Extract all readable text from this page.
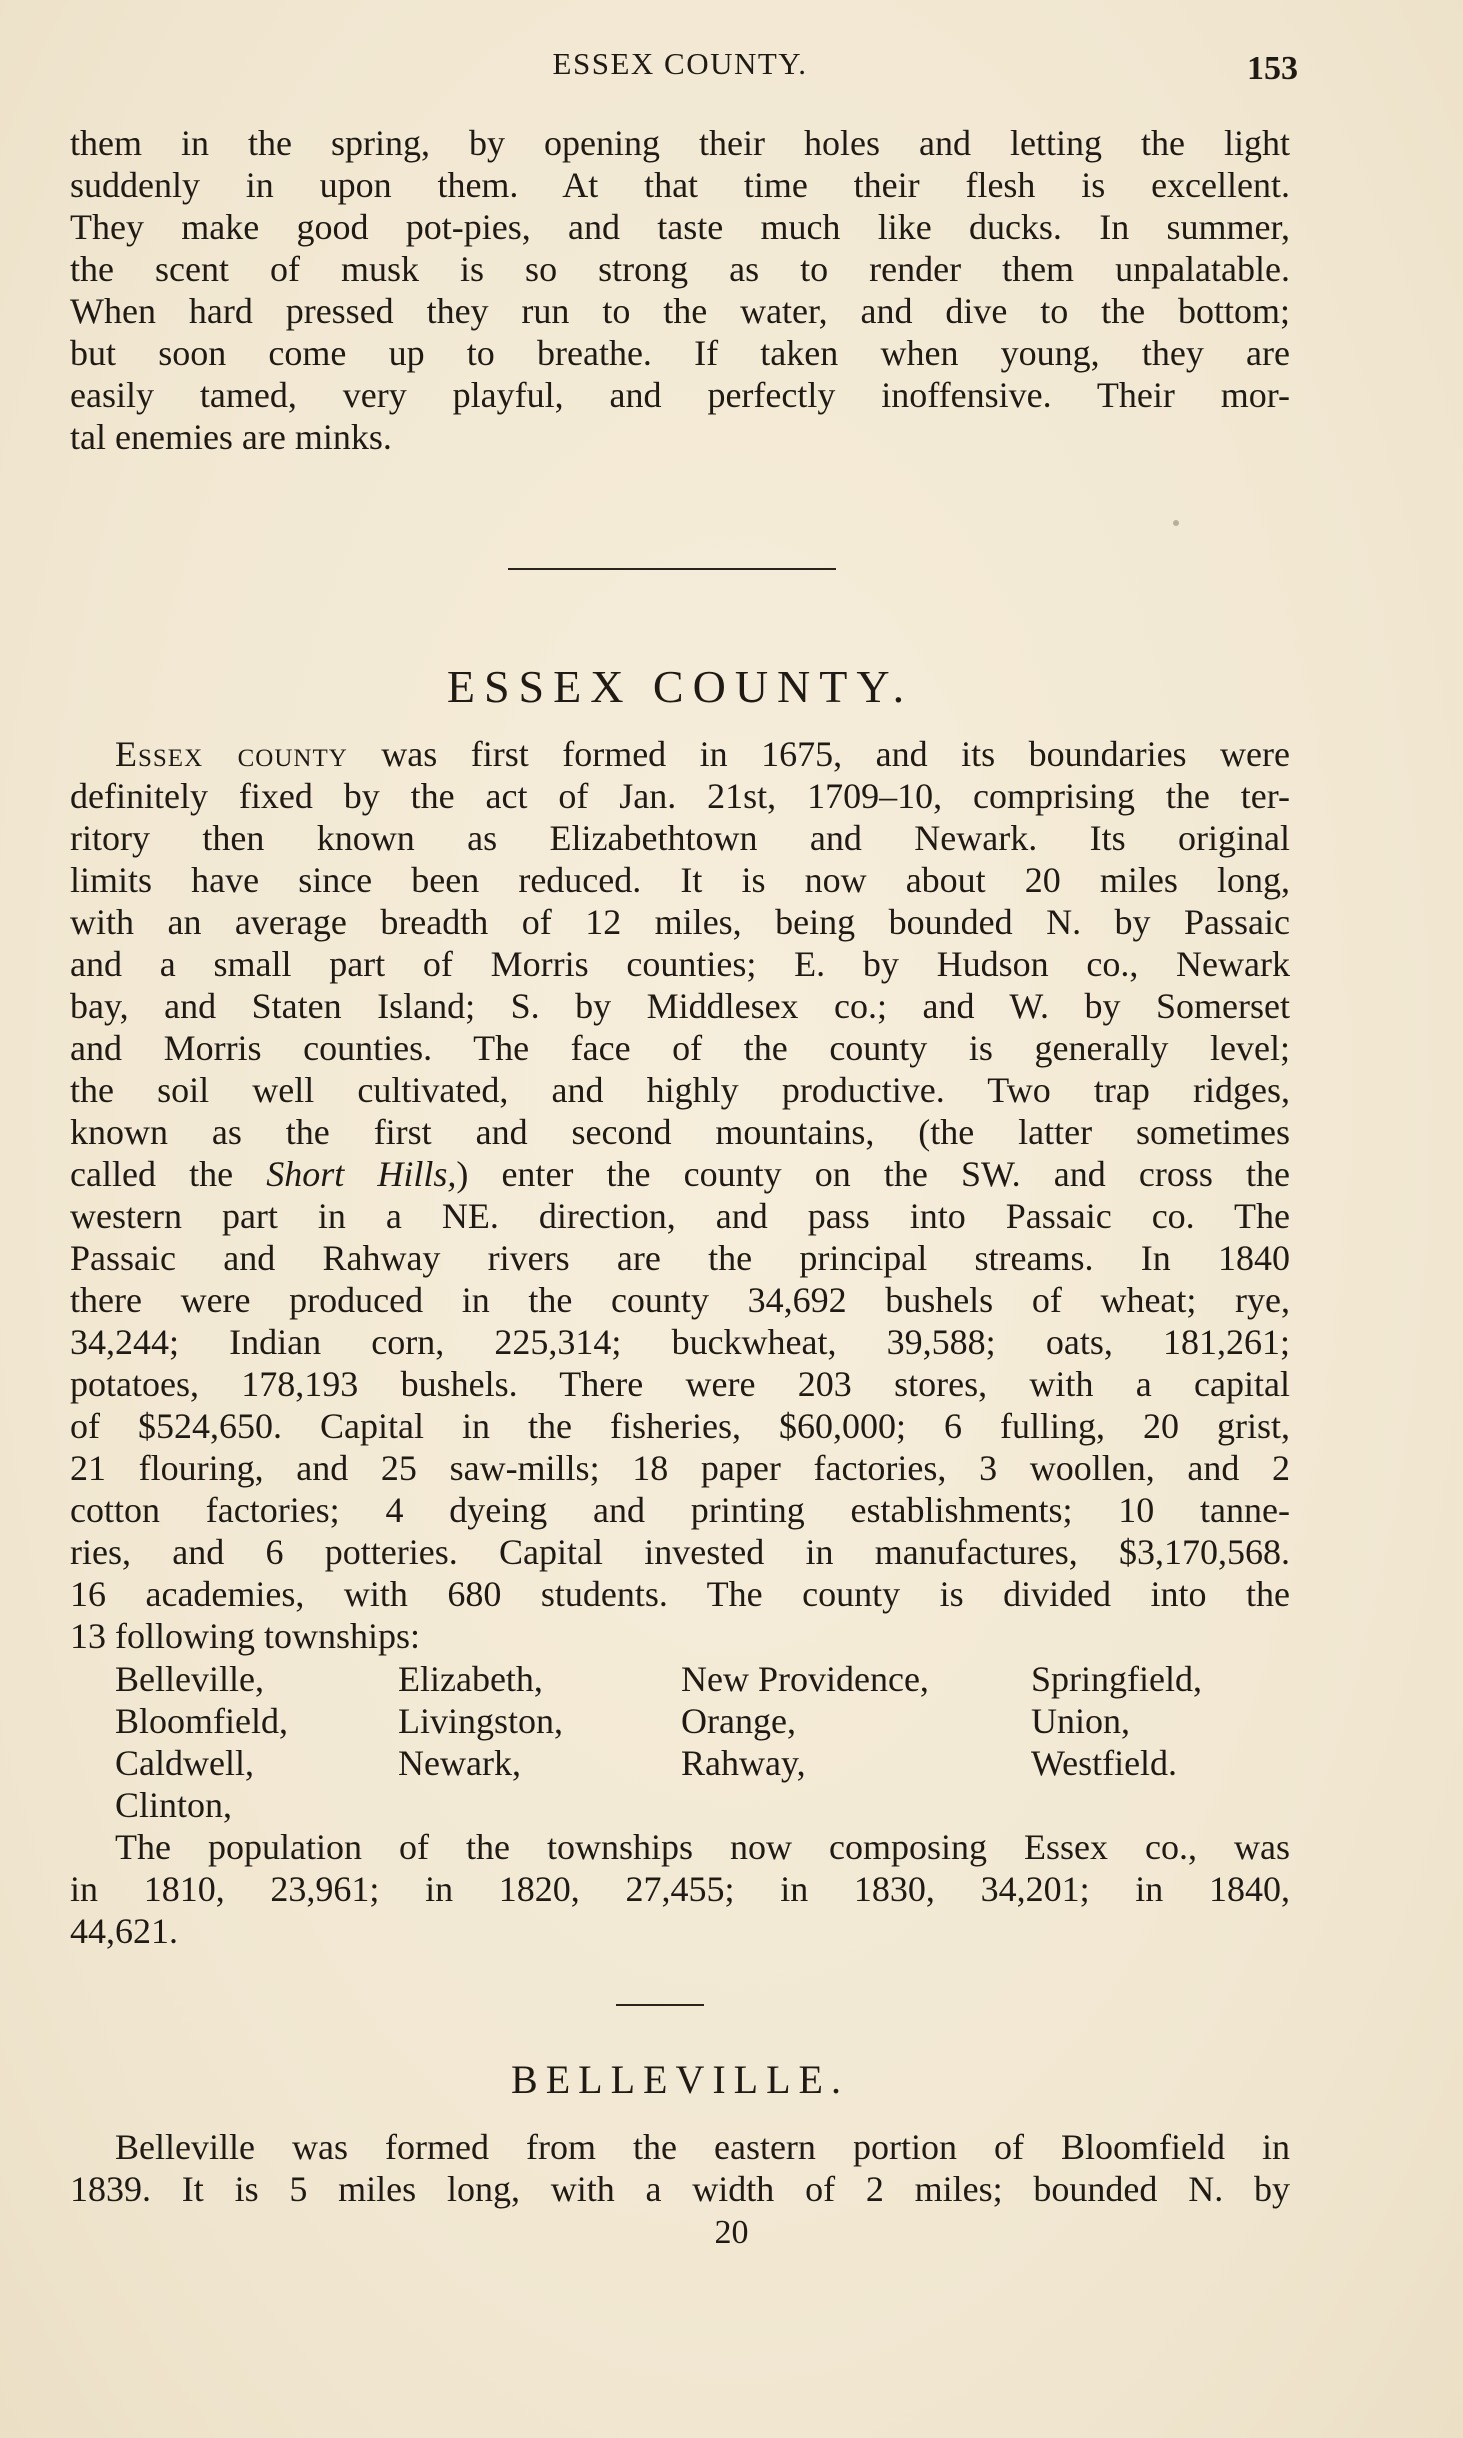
ESSEX COUNTY.	153

them in the spring, by opening their holes and letting the light

suddenly in upon them. At that time their flesh is excellent.

They make good pot-pies, and taste much like ducks. In summer,

the scent of musk is so strong as to render them unpalatable.

When hard pressed they run to the water, and dive to the bottom;

but soon come up to breathe. If taken when young, they are

easily tamed, very playful, and perfectly inoffensive. Their mor-

tal enemies are minks.

ESSEX COUNTY.

Essex county was first formed in 1675, and its boundaries were

definitely fixed by the act of Jan. 21st, 1709–10, comprising the ter-

ritory then known as Elizabethtown and Newark. Its original

limits have since been reduced. It is now about 20 miles long,

with an average breadth of 12 miles, being bounded N. by Passaic

and a small part of Morris counties; E. by Hudson co., Newark

bay, and Staten Island; S. by Middlesex co.; and W. by Somerset

and Morris counties. The face of the county is generally level;

the soil well cultivated, and highly productive. Two trap ridges,

known as the first and second mountains, (the latter sometimes

called the Short Hills,) enter the county on the SW. and cross the

western part in a NE. direction, and pass into Passaic co. The

Passaic and Rahway rivers are the principal streams. In 1840

there were produced in the county 34,692 bushels of wheat; rye,

34,244; Indian corn, 225,314; buckwheat, 39,588; oats, 181,261;

potatoes, 178,193 bushels. There were 203 stores, with a capital

of $524,650. Capital in the fisheries, $60,000; 6 fulling, 20 grist,

21 flouring, and 25 saw-mills; 18 paper factories, 3 woollen, and 2

cotton factories; 4 dyeing and printing establishments; 10 tanne-

ries, and 6 potteries. Capital invested in manufactures, $3,170,568.

16 academies, with 680 students. The county is divided into the

13 following townships:

Belleville,	Elizabeth,	New Providence,	Springfield,
Bloomfield,	Livingston,	Orange,	Union,
Caldwell,	Newark,	Rahway,	Westfield.
Clinton,

The population of the townships now composing Essex co., was

in 1810, 23,961; in 1820, 27,455; in 1830, 34,201; in 1840,

44,621.

BELLEVILLE.

Belleville was formed from the eastern portion of Bloomfield in

1839. It is 5 miles long, with a width of 2 miles; bounded N. by

20
